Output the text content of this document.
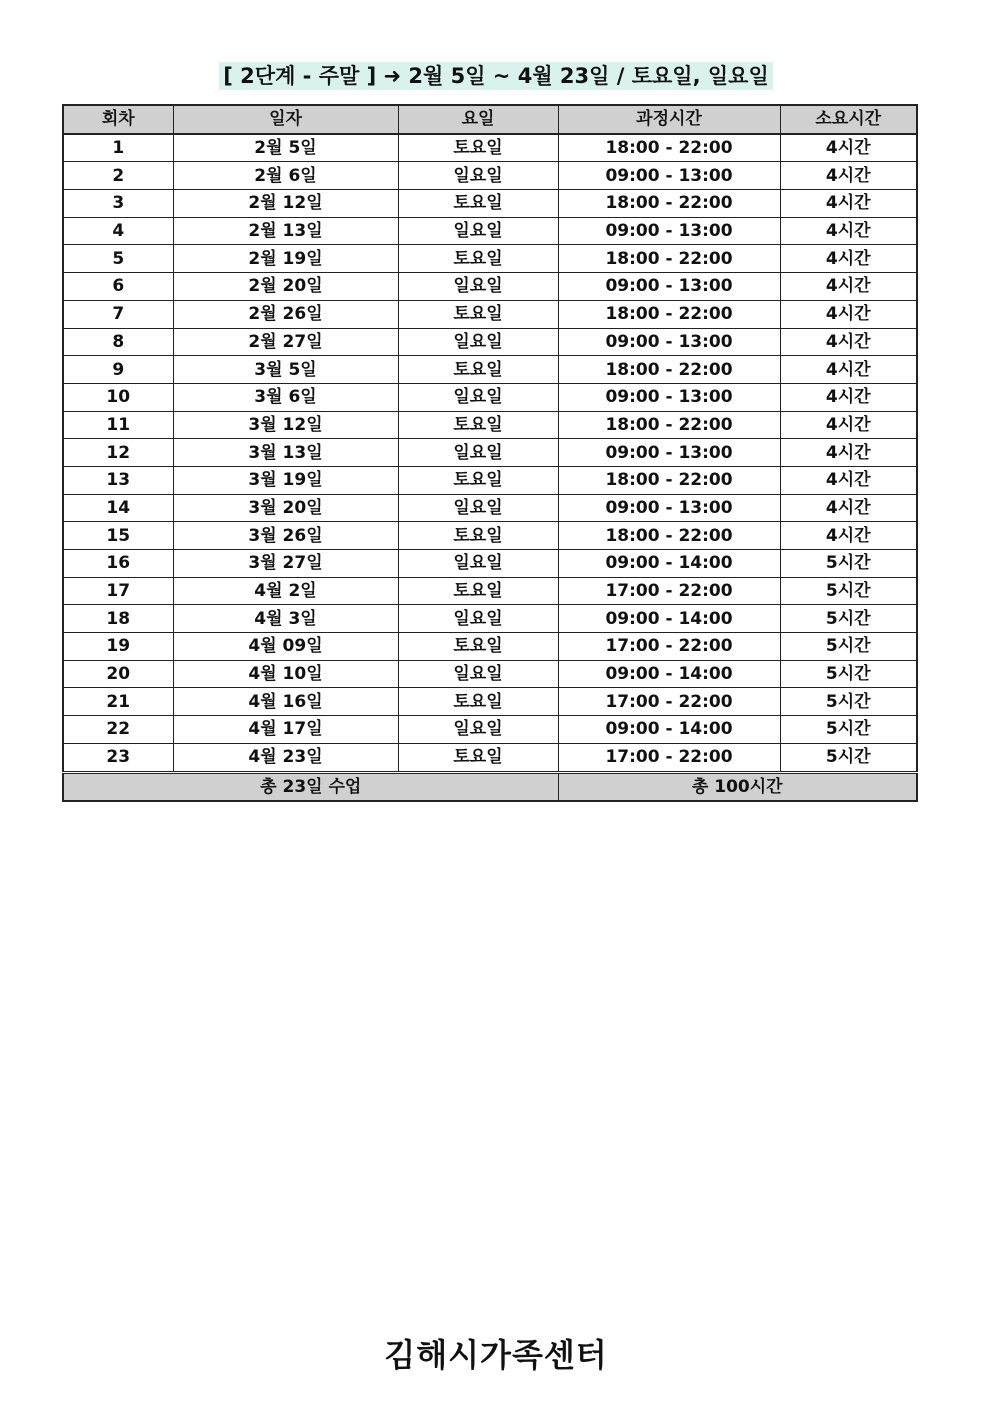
[ 2단계 - 주말 ] ➜ 2월 5일 ~ 4월 23일 / 토요일, 일요일
회차	일자	요일	과정시간	소요시간
1	2월 5일	토요일	18:00 - 22:00	4시간
2	2월 6일	일요일	09:00 - 13:00	4시간
3	2월 12일	토요일	18:00 - 22:00	4시간
4	2월 13일	일요일	09:00 - 13:00	4시간
5	2월 19일	토요일	18:00 - 22:00	4시간
6	2월 20일	일요일	09:00 - 13:00	4시간
7	2월 26일	토요일	18:00 - 22:00	4시간
8	2월 27일	일요일	09:00 - 13:00	4시간
9	3월 5일	토요일	18:00 - 22:00	4시간
10	3월 6일	일요일	09:00 - 13:00	4시간
11	3월 12일	토요일	18:00 - 22:00	4시간
12	3월 13일	일요일	09:00 - 13:00	4시간
13	3월 19일	토요일	18:00 - 22:00	4시간
14	3월 20일	일요일	09:00 - 13:00	4시간
15	3월 26일	토요일	18:00 - 22:00	4시간
16	3월 27일	일요일	09:00 - 14:00	5시간
17	4월 2일	토요일	17:00 - 22:00	5시간
18	4월 3일	일요일	09:00 - 14:00	5시간
19	4월 09일	토요일	17:00 - 22:00	5시간
20	4월 10일	일요일	09:00 - 14:00	5시간
21	4월 16일	토요일	17:00 - 22:00	5시간
22	4월 17일	일요일	09:00 - 14:00	5시간
23	4월 23일	토요일	17:00 - 22:00	5시간
총 23일 수업			총 100시간	
김해시가족센터
